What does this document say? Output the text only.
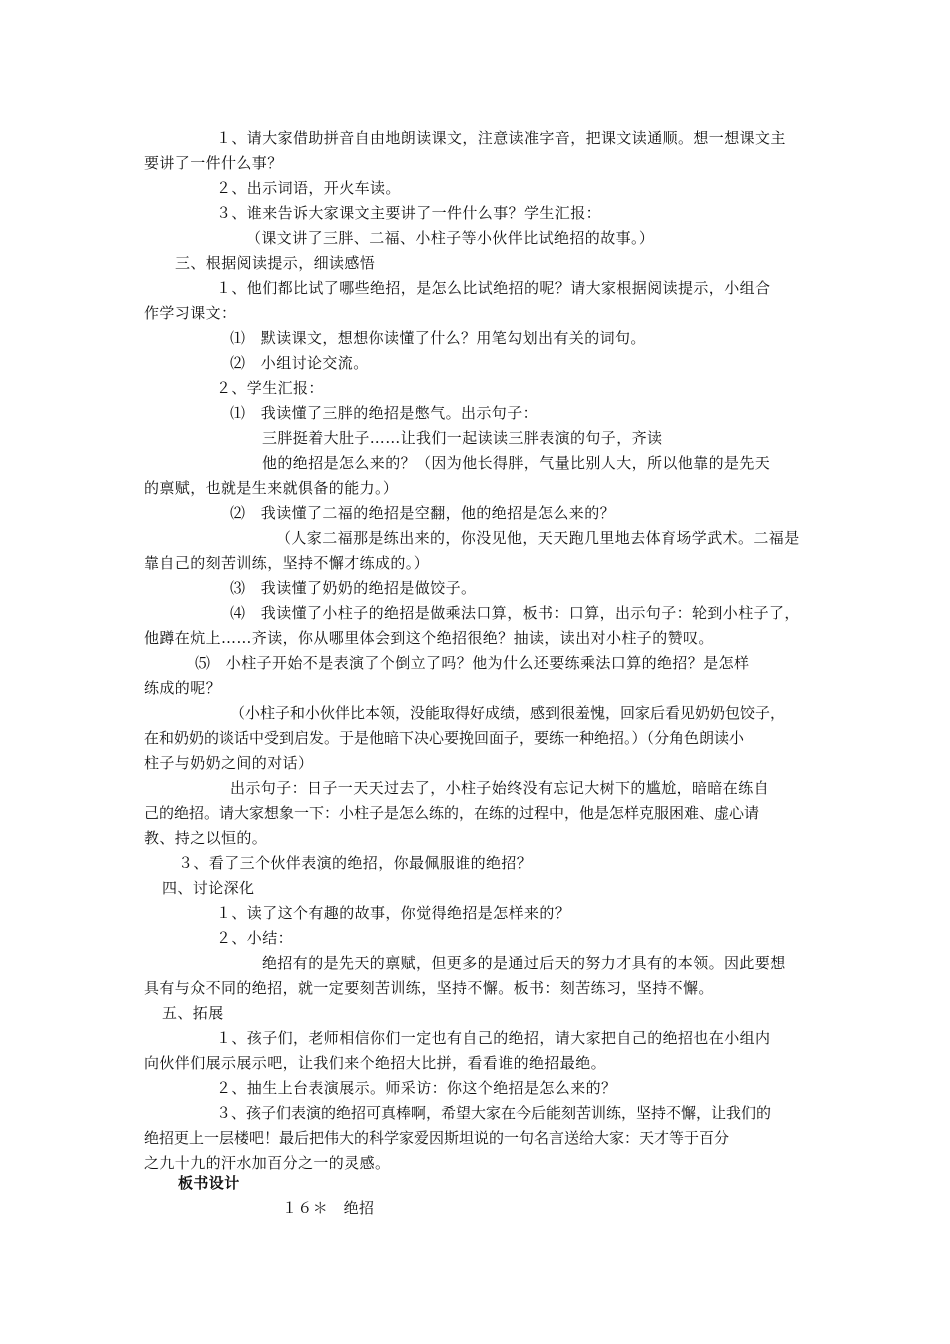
１、请大家借助拼音自由地朗读课文，注意读准字音，把课文读通顺。想一想课文主
要讲了一件什么事？
２、出示词语，开火车读。
３、谁来告诉大家课文主要讲了一件什么事？学生汇报：
（课文讲了三胖、二福、小柱子等小伙伴比试绝招的故事。）
三、根据阅读提示，细读感悟
１、他们都比试了哪些绝招，是怎么比试绝招的呢？请大家根据阅读提示，小组合
作学习课文：
⑴　默读课文，想想你读懂了什么？用笔勾划出有关的词句。
⑵　小组讨论交流。
２、学生汇报：
⑴　我读懂了三胖的绝招是憋气。出示句子：
三胖挺着大肚子……让我们一起读读三胖表演的句子，齐读
他的绝招是怎么来的？（因为他长得胖，气量比别人大，所以他靠的是先天
的禀赋，也就是生来就俱备的能力。）
⑵　我读懂了二福的绝招是空翻，他的绝招是怎么来的？
（人家二福那是练出来的，你没见他，天天跑几里地去体育场学武术。二福是
靠自己的刻苦训练，坚持不懈才练成的。）
⑶　我读懂了奶奶的绝招是做饺子。
⑷　我读懂了小柱子的绝招是做乘法口算，板书：口算，出示句子：轮到小柱子了，
他蹲在炕上……齐读，你从哪里体会到这个绝招很绝？抽读，读出对小柱子的赞叹。
⑸　小柱子开始不是表演了个倒立了吗？他为什么还要练乘法口算的绝招？是怎样
练成的呢？
（小柱子和小伙伴比本领，没能取得好成绩，感到很羞愧，回家后看见奶奶包饺子，
在和奶奶的谈话中受到启发。于是他暗下决心要挽回面子，要练一种绝招。）（分角色朗读小
柱子与奶奶之间的对话）
出示句子：日子一天天过去了，小柱子始终没有忘记大树下的尴尬，暗暗在练自
己的绝招。请大家想象一下：小柱子是怎么练的，在练的过程中，他是怎样克服困难、虚心请
教、持之以恒的。
３、看了三个伙伴表演的绝招，你最佩服谁的绝招？
四、讨论深化
１、读了这个有趣的故事，你觉得绝招是怎样来的？
２、小结：
绝招有的是先天的禀赋，但更多的是通过后天的努力才具有的本领。因此要想
具有与众不同的绝招，就一定要刻苦训练，坚持不懈。板书：刻苦练习，坚持不懈。
五、拓展
１、孩子们，老师相信你们一定也有自己的绝招，请大家把自己的绝招也在小组内
向伙伴们展示展示吧，让我们来个绝招大比拼，看看谁的绝招最绝。
２、抽生上台表演展示。师采访：你这个绝招是怎么来的？
３、孩子们表演的绝招可真棒啊，希望大家在今后能刻苦训练，坚持不懈，让我们的
绝招更上一层楼吧！最后把伟大的科学家爱因斯坦说的一句名言送给大家：天才等于百分
之九十九的汗水加百分之一的灵感。
板书设计
１６＊　绝招
